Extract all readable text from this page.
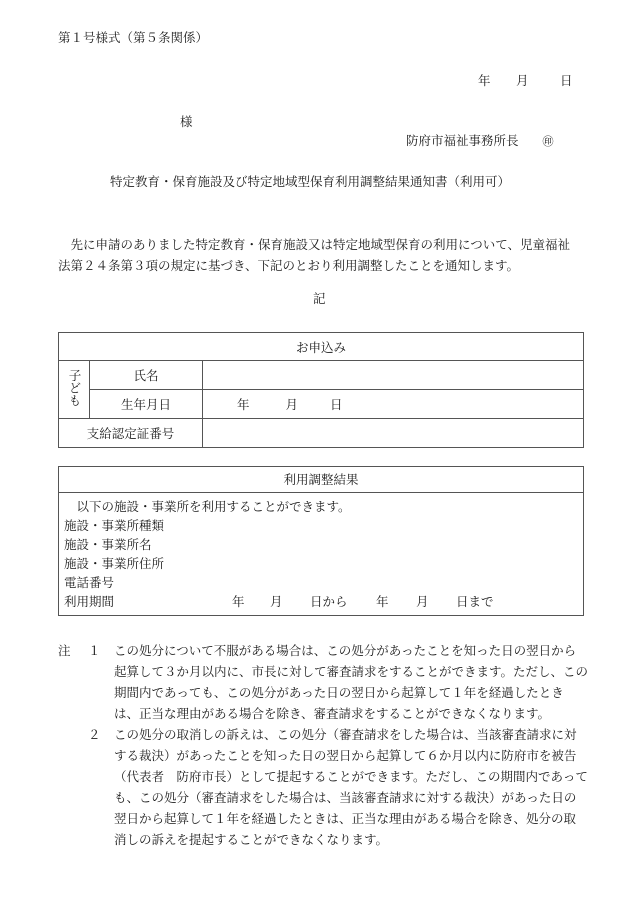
第１号様式（第５条関係）
年 月	日
様
防府市福祉事務所長 ㊞
特定教育・保育施設及び特定地域型保育利用調整結果通知書（利用可）

先に申請のありました特定教育・保育施設又は特定地域型保育の利用について、児童福祉法第２４条第３項の規定に基づき、下記のとおり利用調整したことを通知します。

記
お申込み		
子ども	氏名	
	生年月日	年 月 日
支給認定証番号		
利用調整結果
　以下の施設・事業所を利用することができます。
施設・事業所種類
施設・事業所名
施設・事業所住所
電話番号
利用期間	年 月 日から 年 月 日まで
注	１	この処分について不服がある場合は、この処分があったことを知った日の翌日から起算して３か月以内に、市長に対して審査請求をすることができます。ただし、この期間内であっても、この処分があった日の翌日から起算して１年を経過したときは、正当な理由がある場合を除き、審査請求をすることができなくなります。
２	この処分の取消しの訴えは、この処分（審査請求をした場合は、当該審査請求に対する裁決）があったことを知った日の翌日から起算して６か月以内に防府市を被告（代表者　防府市長）として提起することができます。ただし、この期間内であっても、この処分（審査請求をした場合は、当該審査請求に対する裁決）があった日の翌日から起算して１年を経過したときは、正当な理由がある場合を除き、処分の取消しの訴えを提起することができなくなります。
